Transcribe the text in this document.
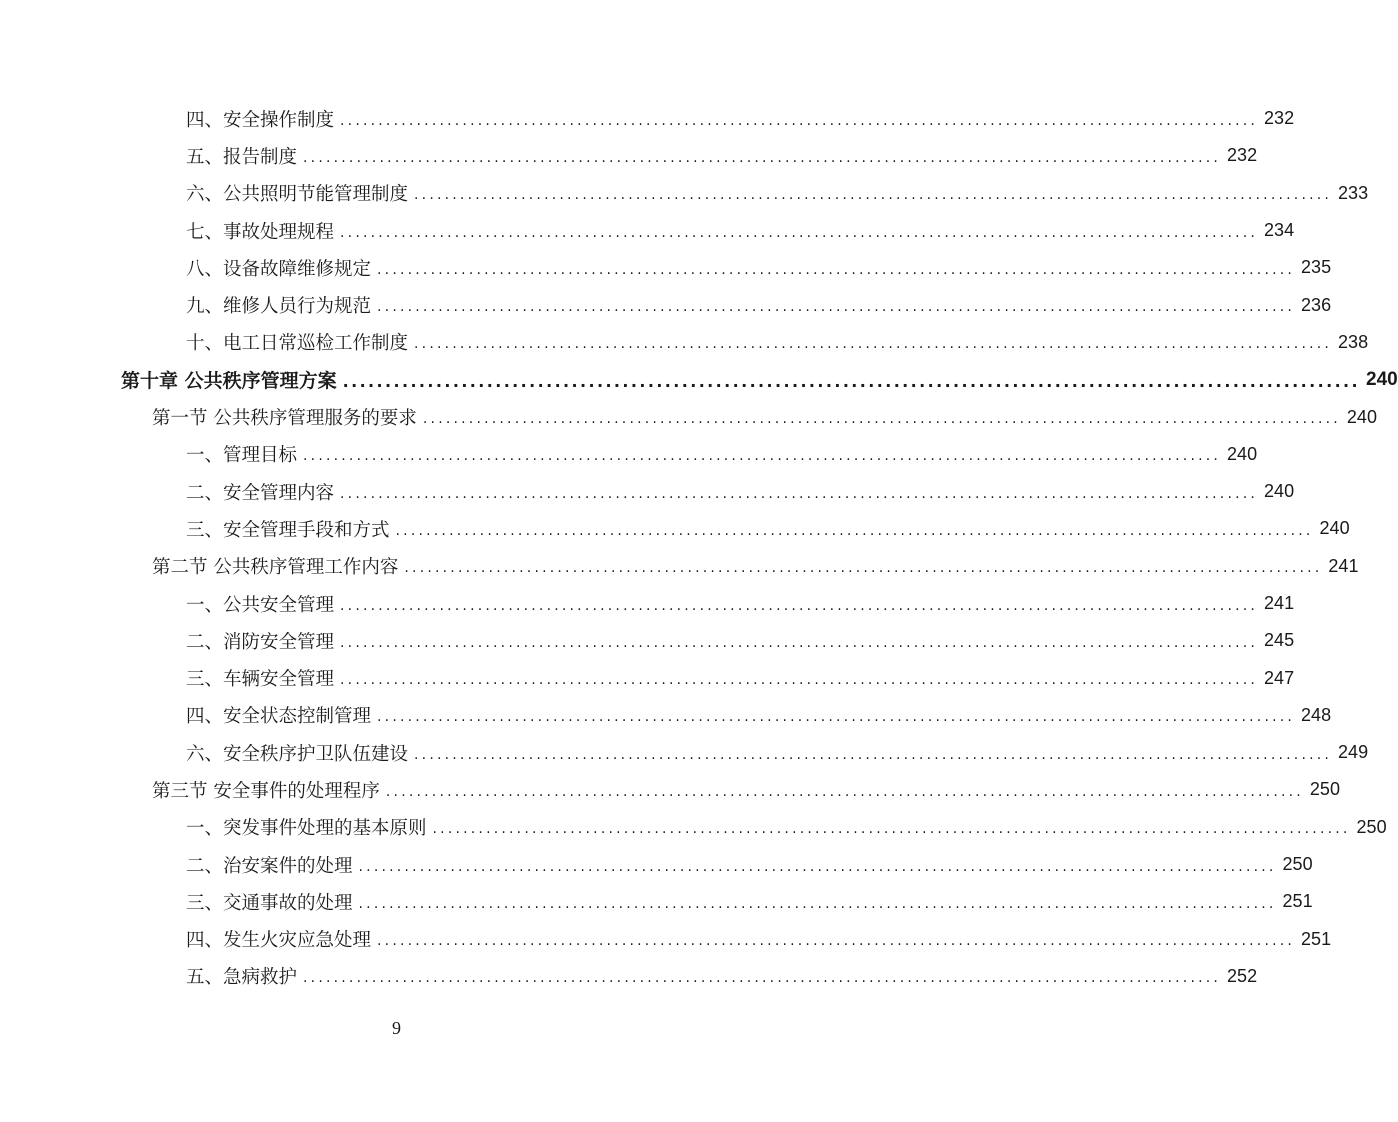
四、安全操作制度 ........................................................................................................................ 232
五、报告制度 ........................................................................................................................ 232
六、公共照明节能管理制度 ........................................................................................................................ 233
七、事故处理规程 ........................................................................................................................ 234
八、设备故障维修规定 ........................................................................................................................ 235
九、维修人员行为规范 ........................................................................................................................ 236
十、电工日常巡检工作制度 ........................................................................................................................ 238
第十章 公共秩序管理方案 ........................................................................................................................ 240
第一节 公共秩序管理服务的要求 ........................................................................................................................ 240
一、管理目标 ........................................................................................................................ 240
二、安全管理内容 ........................................................................................................................ 240
三、安全管理手段和方式 ........................................................................................................................ 240
第二节 公共秩序管理工作内容 ........................................................................................................................ 241
一、公共安全管理 ........................................................................................................................ 241
二、消防安全管理 ........................................................................................................................ 245
三、车辆安全管理 ........................................................................................................................ 247
四、安全状态控制管理 ........................................................................................................................ 248
六、安全秩序护卫队伍建设 ........................................................................................................................ 249
第三节 安全事件的处理程序 ........................................................................................................................ 250
一、突发事件处理的基本原则 ........................................................................................................................ 250
二、治安案件的处理 ........................................................................................................................ 250
三、交通事故的处理 ........................................................................................................................ 251
四、发生火灾应急处理 ........................................................................................................................ 251
五、急病救护 ........................................................................................................................ 252
9
